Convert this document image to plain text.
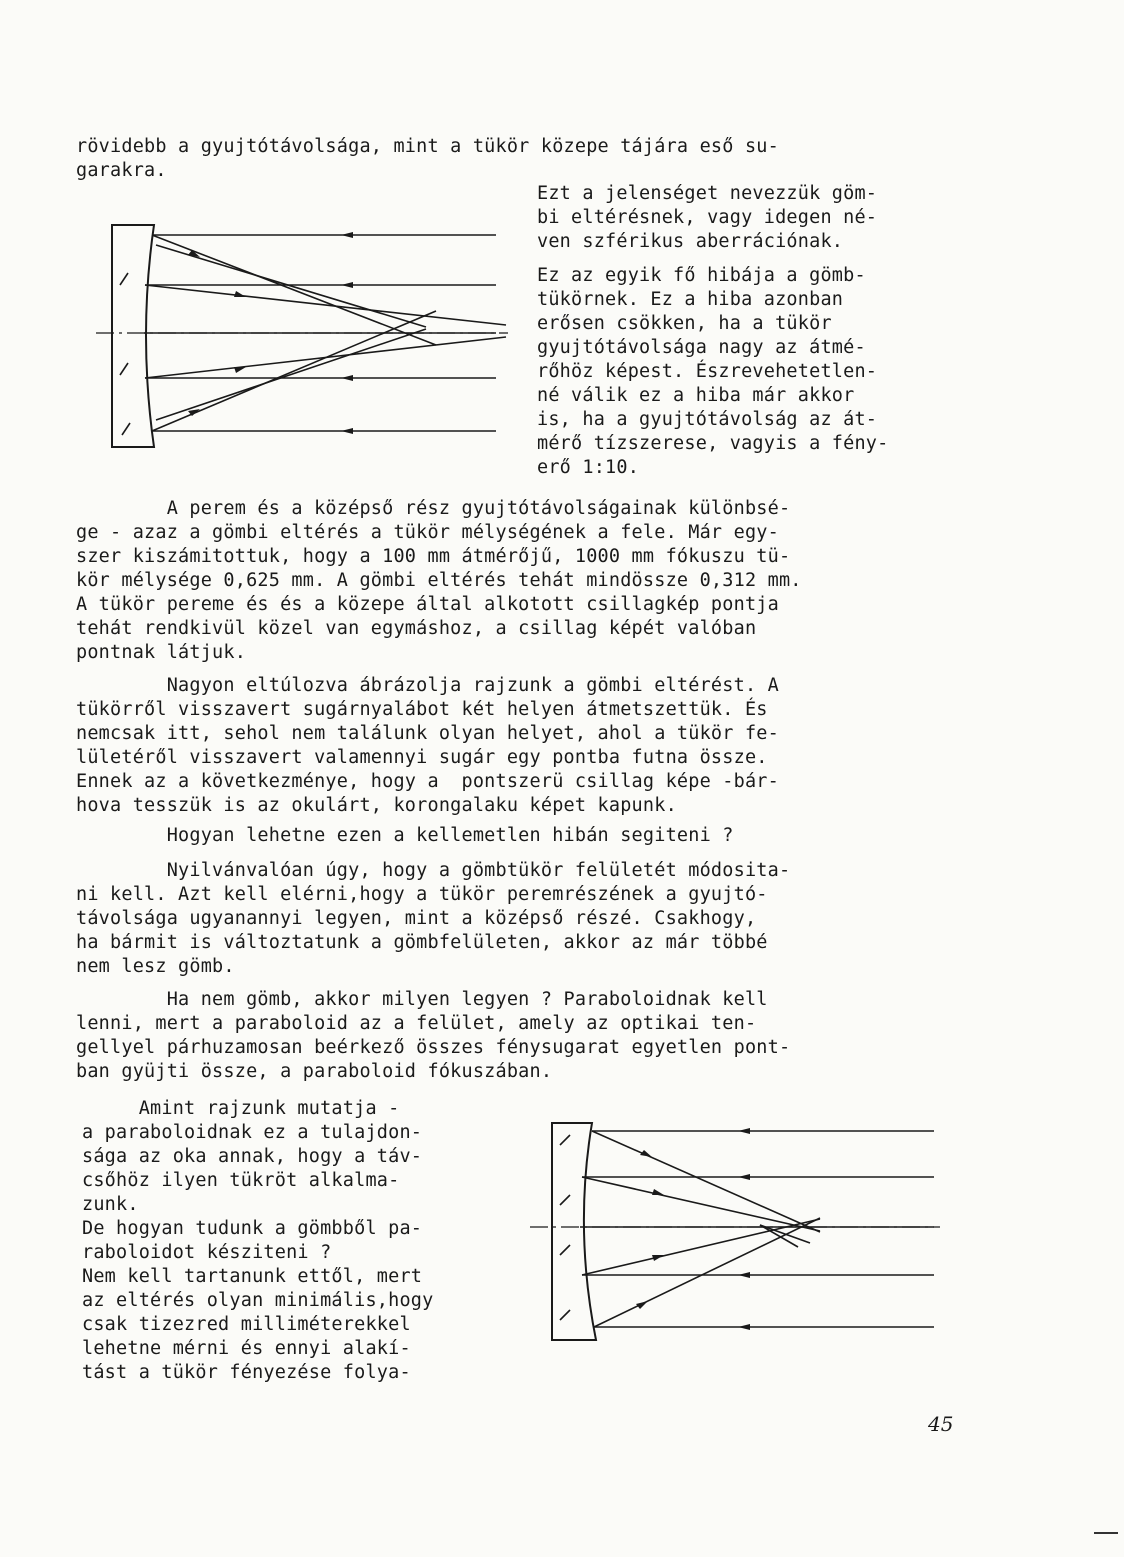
rövidebb a gyujtótávolsága, mint a tükör közepe tájára eső su-
garakra.

Ezt a jelenséget nevezzük göm-
bi eltérésnek, vagy idegen né-
ven szférikus aberrációnak.

Ez az egyik fő hibája a gömb-
tükörnek. Ez a hiba azonban
erősen csökken, ha a tükör
gyujtótávolsága nagy az átmé-
rőhöz képest. Észrevehetetlen-
né válik ez a hiba már akkor
is, ha a gyujtótávolság az át-
mérő tízszerese, vagyis a fény-
erő 1:10.

A perem és a középső rész gyujtótávolságainak különbsé-
ge - azaz a gömbi eltérés a tükör mélységének a fele. Már egy-
szer kiszámitottuk, hogy a 100 mm átmérőjű, 1000 mm fókuszu tü-
kör mélysége 0,625 mm. A gömbi eltérés tehát mindössze 0,312 mm.
A tükör pereme és és a közepe által alkotott csillagkép pontja
tehát rendkivül közel van egymáshoz, a csillag képét valóban
pontnak látjuk.

Nagyon eltúlozva ábrázolja rajzunk a gömbi eltérést. A
tükörről visszavert sugárnyalábot két helyen átmetszettük. És
nemcsak itt, sehol nem találunk olyan helyet, ahol a tükör fe-
lületéről visszavert valamennyi sugár egy pontba futna össze.
Ennek az a következménye, hogy a  pontszerü csillag képe -bár-
hova tesszük is az okulárt, korongalaku képet kapunk.

Hogyan lehetne ezen a kellemetlen hibán segiteni ?

Nyilvánvalóan úgy, hogy a gömbtükör felületét módosita-
ni kell. Azt kell elérni,hogy a tükör peremrészének a gyujtó-
távolsága ugyanannyi legyen, mint a középső részé. Csakhogy,
ha bármit is változtatunk a gömbfelületen, akkor az már többé
nem lesz gömb.

Ha nem gömb, akkor milyen legyen ? Paraboloidnak kell
lenni, mert a paraboloid az a felület, amely az optikai ten-
gellyel párhuzamosan beérkező összes fénysugarat egyetlen pont-
ban gyüjti össze, a paraboloid fókuszában.

Amint rajzunk mutatja -
a paraboloidnak ez a tulajdon-
sága az oka annak, hogy a táv-
csőhöz ilyen tükröt alkalma-
zunk.
De hogyan tudunk a gömbből pa-
raboloidot késziteni ?
Nem kell tartanunk ettől, mert
az eltérés olyan minimális,hogy
csak tizezred milliméterekkel
lehetne mérni és ennyi alakí-
tást a tükör fényezése folya-

45
